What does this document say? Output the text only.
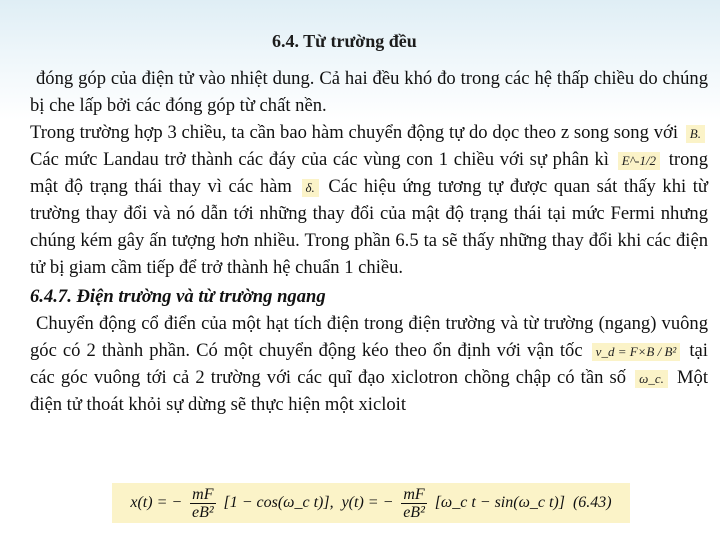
6.4. Từ trường đều

đóng góp của điện tử vào nhiệt dung. Cả hai đều khó đo trong các hệ thấp chiều do chúng bị che lấp bởi các đóng góp từ chất nền.

Trong trường hợp 3 chiều, ta cần bao hàm chuyển động tự do dọc theo z song song với B. Các mức Landau trở thành các đáy của các vùng con 1 chiều với sự phân kì E^-1/2 trong mật độ trạng thái thay vì các hàm δ. Các hiệu ứng tương tự được quan sát thấy khi từ trường thay đổi và nó dẫn tới những thay đổi của mật độ trạng thái tại mức Fermi nhưng chúng kém gây ấn tượng hơn nhiều. Trong phần 6.5 ta sẽ thấy những thay đổi khi các điện tử bị giam cầm tiếp để trở thành hệ chuẩn 1 chiều.

6.4.7. Điện trường và từ trường ngang

Chuyển động cổ điển của một hạt tích điện trong điện trường và từ trường (ngang) vuông góc có 2 thành phần. Có một chuyển động kéo theo ổn định với vận tốc v_d = F×B / B² tại các góc vuông tới cả 2 trường với các quĩ đạo xiclotron chồng chập có tần số ω_c. Một điện tử thoát khỏi sự dừng sẽ thực hiện một xicloit

x(t) = − $\frac{mF}{\text{eB²}} [1$ − cos(ω_c t)], y(t) = − $\frac{mF}{\text{eB²}}$ [ω_c t − sin(ω_c t)] (6.43)
